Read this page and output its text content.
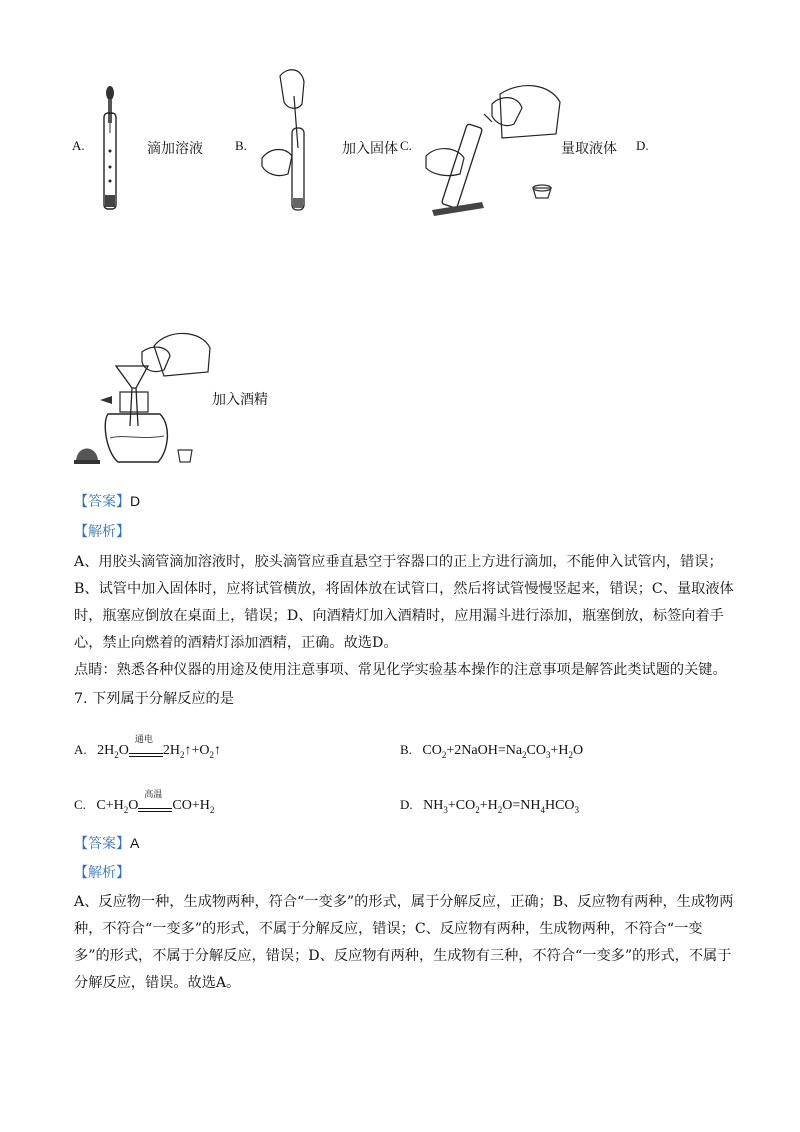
A.	滴加溶液 B.	加入固体 C.	量取液体 D.
加入酒精
【答案】D
【解析】
A、用胶头滴管滴加溶液时，胶头滴管应垂直悬空于容器口的正上方进行滴加，不能伸入试管内，错误；B、试管中加入固体时，应将试管横放，将固体放在试管口，然后将试管慢慢竖起来，错误；C、量取液体时，瓶塞应倒放在桌面上，错误；D、向酒精灯加入酒精时，应用漏斗进行添加，瓶塞倒放，标签向着手心，禁止向燃着的酒精灯添加酒精，正确。故选D。
点睛：熟悉各种仪器的用途及使用注意事项、常见化学实验基本操作的注意事项是解答此类试题的关键。
7. 下列属于分解反应的是
A. $2H_2O$
通电
$2H_2↑+O_2↑$	B. $CO_2+2NaOH=Na_2CO_3+H_2O$
C. $C+H_2O$
高温
$CO+H_2$	D. $NH_3+CO_2+H_2O=NH_4HCO_3$
【答案】A
【解析】
A、反应物一种，生成物两种，符合“一变多”的形式，属于分解反应，正确；B、反应物有两种，生成物两种，不符合“一变多”的形式，不属于分解反应，错误；C、反应物有两种，生成物两种，不符合“一变多”的形式，不属于分解反应，错误；D、反应物有两种，生成物有三种，不符合“一变多”的形式，不属于分解反应，错误。故选A。
